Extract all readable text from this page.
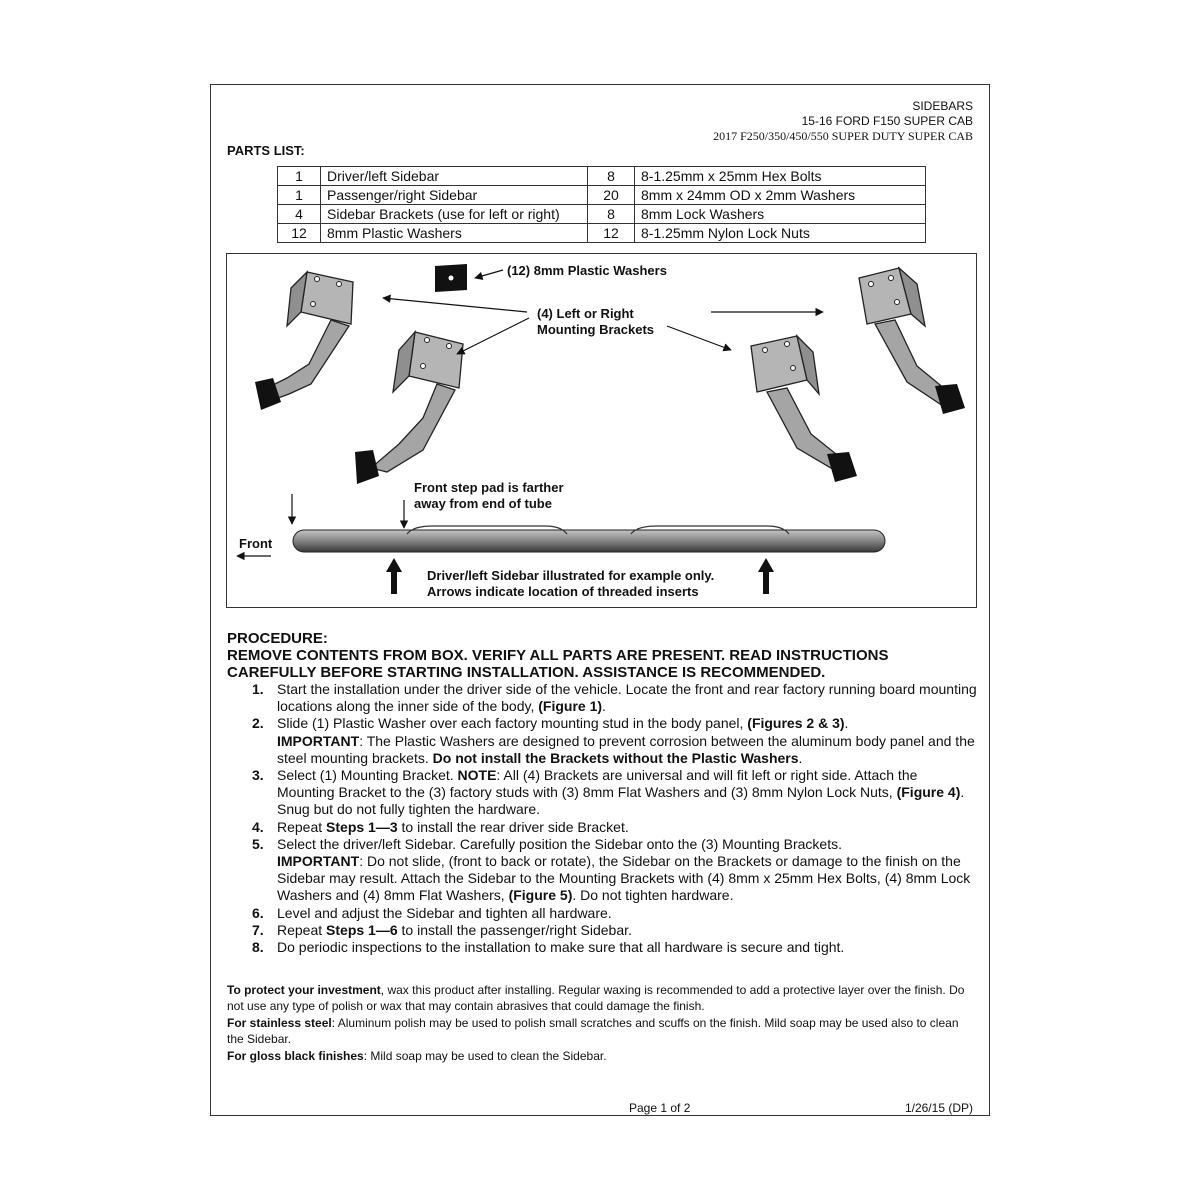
SIDEBARS
15-16 FORD F150 SUPER CAB
2017 F250/350/450/550 SUPER DUTY SUPER CAB
PARTS LIST:
1	Driver/left Sidebar	8	8-1.25mm x 25mm Hex Bolts
1	Passenger/right Sidebar	20	8mm x 24mm OD x 2mm Washers
4	Sidebar Brackets (use for left or right)	8	8mm Lock Washers
12	8mm Plastic Washers	12	8-1.25mm Nylon Lock Nuts
(12) 8mm Plastic Washers
(4) Left or Right
Mounting Brackets
Front step pad is farther
away from end of tube
Front
Driver/left Sidebar illustrated for example only.
Arrows indicate location of threaded inserts
PROCEDURE:
REMOVE CONTENTS FROM BOX. VERIFY ALL PARTS ARE PRESENT. READ INSTRUCTIONS
CAREFULLY BEFORE STARTING INSTALLATION. ASSISTANCE IS RECOMMENDED.
1. Start the installation under the driver side of the vehicle. Locate the front and rear factory running board mounting locations along the inner side of the body, (Figure 1).
2. Slide (1) Plastic Washer over each factory mounting stud in the body panel, (Figures 2 & 3).
IMPORTANT: The Plastic Washers are designed to prevent corrosion between the aluminum body panel and the steel mounting brackets. Do not install the Brackets without the Plastic Washers.
3. Select (1) Mounting Bracket. NOTE: All (4) Brackets are universal and will fit left or right side. Attach the Mounting Bracket to the (3) factory studs with (3) 8mm Flat Washers and (3) 8mm Nylon Lock Nuts, (Figure 4). Snug but do not fully tighten the hardware.
4. Repeat Steps 1—3 to install the rear driver side Bracket.
5. Select the driver/left Sidebar. Carefully position the Sidebar onto the (3) Mounting Brackets.
IMPORTANT: Do not slide, (front to back or rotate), the Sidebar on the Brackets or damage to the finish on the Sidebar may result. Attach the Sidebar to the Mounting Brackets with (4) 8mm x 25mm Hex Bolts, (4) 8mm Lock Washers and (4) 8mm Flat Washers, (Figure 5). Do not tighten hardware.
6. Level and adjust the Sidebar and tighten all hardware.
7. Repeat Steps 1—6 to install the passenger/right Sidebar.
8. Do periodic inspections to the installation to make sure that all hardware is secure and tight.
To protect your investment, wax this product after installing. Regular waxing is recommended to add a protective layer over the finish. Do not use any type of polish or wax that may contain abrasives that could damage the finish.
For stainless steel: Aluminum polish may be used to polish small scratches and scuffs on the finish. Mild soap may be used also to clean the Sidebar.
For gloss black finishes: Mild soap may be used to clean the Sidebar.
Page 1 of 2	1/26/15 (DP)
